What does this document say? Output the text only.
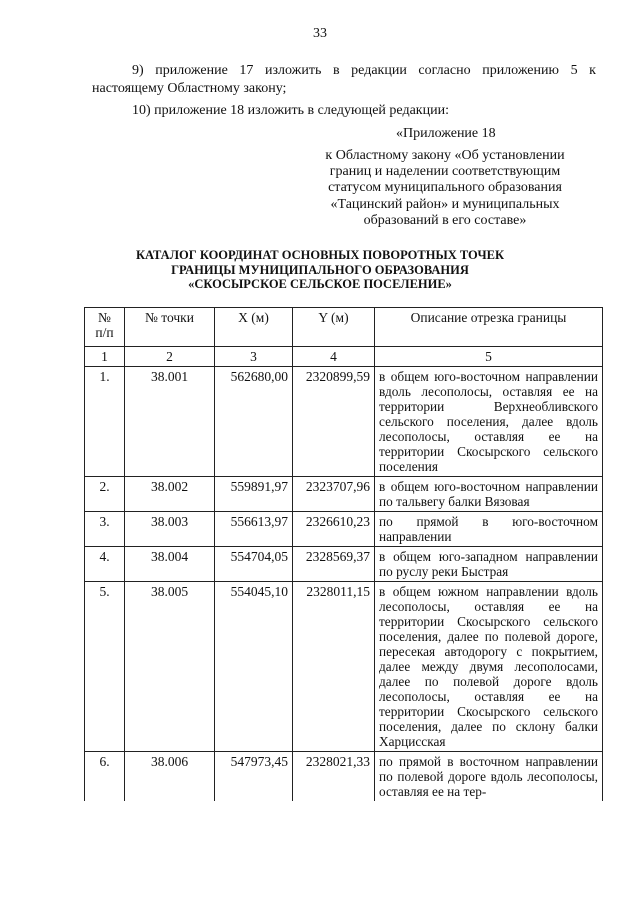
33
9) приложение 17 изложить в редакции согласно приложению 5 к
настоящему Областному закону;
10) приложение 18 изложить в следующей редакции:
«Приложение 18
к Областному закону «Об установлении
границ и наделении соответствующим
статусом муниципального образования
«Тацинский район» и муниципальных
образований в его составе»
КАТАЛОГ КООРДИНАТ ОСНОВНЫХ ПОВОРОТНЫХ ТОЧЕК
ГРАНИЦЫ МУНИЦИПАЛЬНОГО ОБРАЗОВАНИЯ
«СКОСЫРСКОЕ СЕЛЬСКОЕ ПОСЕЛЕНИЕ»
№
п/п	№ точки	X (м)	Y (м)	Описание отрезка границы
1	2	3	4	5
1.	38.001	562680,00	2320899,59	в общем юго-восточном направлении вдоль лесополосы, оставляя ее на территории Верхнеобливского сельского поселения, далее вдоль лесополосы, оставляя ее на территории Скосырского сельского поселения
2.	38.002	559891,97	2323707,96	в общем юго-восточном направлении по тальвегу балки Вязовая
3.	38.003	556613,97	2326610,23	по прямой в юго-восточном направлении
4.	38.004	554704,05	2328569,37	в общем юго-западном направлении по руслу реки Быстрая
5.	38.005	554045,10	2328011,15	в общем южном направлении вдоль лесополосы, оставляя ее на территории Скосырского сельского поселения, далее по полевой дороге, пересекая автодорогу с покрытием, далее между двумя лесополосами, далее по полевой дороге вдоль лесополосы, оставляя ее на территории Скосырского сельского поселения, далее по склону балки Харцисская
6.	38.006	547973,45	2328021,33	по прямой в восточном направлении по полевой дороге вдоль лесополосы, оставляя ее на тер-
